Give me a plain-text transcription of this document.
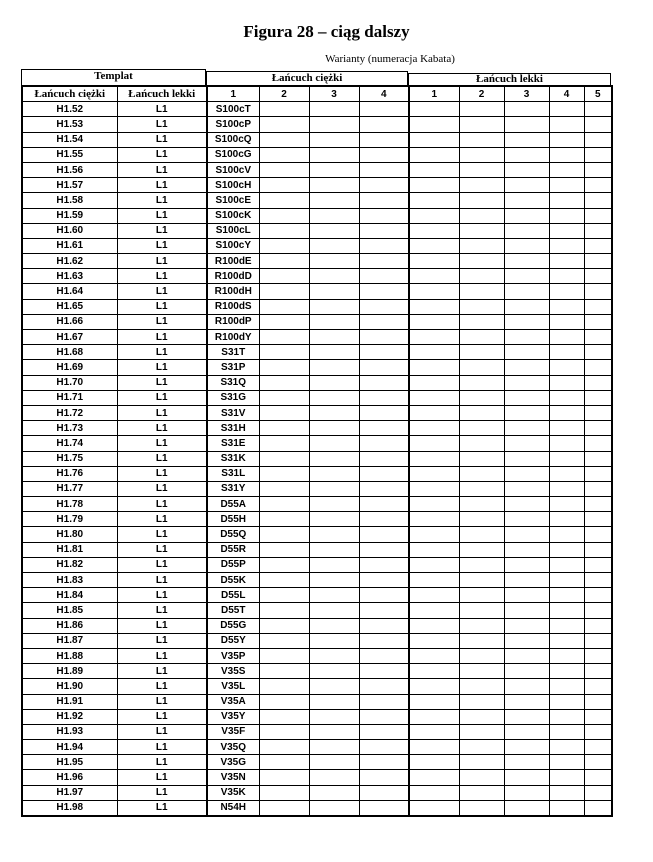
Figura 28 – ciąg dalszy
Warianty (numeracja Kabata)
Templat	Łańcuch ciężki	Łańcuch lekki
Łańcuch ciężki	Łańcuch lekki	1	2	3	4	1	2	3	4	5
H1.52	L1	S100cT								
H1.53	L1	S100cP								
H1.54	L1	S100cQ								
H1.55	L1	S100cG								
H1.56	L1	S100cV								
H1.57	L1	S100cH								
H1.58	L1	S100cE								
H1.59	L1	S100cK								
H1.60	L1	S100cL								
H1.61	L1	S100cY								
H1.62	L1	R100dE								
H1.63	L1	R100dD								
H1.64	L1	R100dH								
H1.65	L1	R100dS								
H1.66	L1	R100dP								
H1.67	L1	R100dY								
H1.68	L1	S31T								
H1.69	L1	S31P								
H1.70	L1	S31Q								
H1.71	L1	S31G								
H1.72	L1	S31V								
H1.73	L1	S31H								
H1.74	L1	S31E								
H1.75	L1	S31K								
H1.76	L1	S31L								
H1.77	L1	S31Y								
H1.78	L1	D55A								
H1.79	L1	D55H								
H1.80	L1	D55Q								
H1.81	L1	D55R								
H1.82	L1	D55P								
H1.83	L1	D55K								
H1.84	L1	D55L								
H1.85	L1	D55T								
H1.86	L1	D55G								
H1.87	L1	D55Y								
H1.88	L1	V35P								
H1.89	L1	V35S								
H1.90	L1	V35L								
H1.91	L1	V35A								
H1.92	L1	V35Y								
H1.93	L1	V35F								
H1.94	L1	V35Q								
H1.95	L1	V35G								
H1.96	L1	V35N								
H1.97	L1	V35K								
H1.98	L1	N54H								
